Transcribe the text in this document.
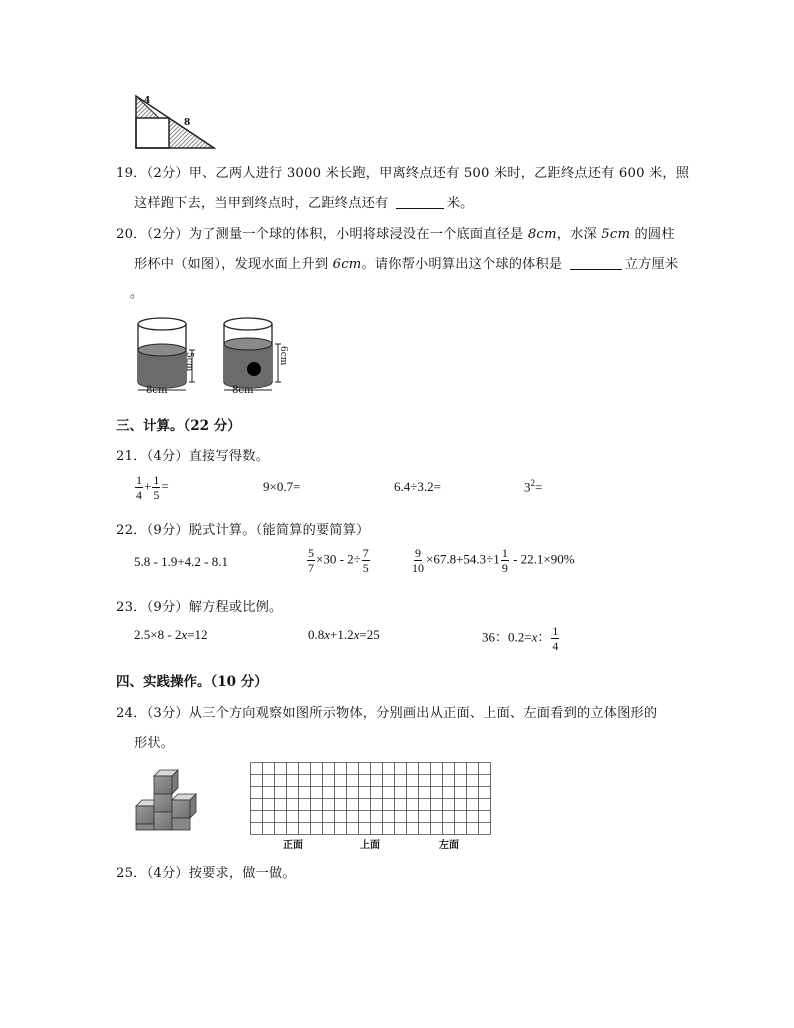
4
8
19．（2分）甲、乙两人进行 3000 米长跑，甲离终点还有 500 米时，乙距终点还有 600 米，照
这样跑下去，当甲到终点时，乙距终点还有	米。
20．（2分）为了测量一个球的体积，小明将球浸没在一个底面直径是 8cm，水深 5cm 的圆柱
形杯中（如图），发现水面上升到 6cm。请你帮小明算出这个球的体积是	立方厘米
。
5cm
8cm
6cm
8cm
三、计算。（22 分）
21．（4分）直接写得数。
$\frac{1}{4} + \frac{1}{5}$ =	9×0.7=	6.4÷3.2=	$3^2=$
22．（9分）脱式计算。（能简算的要简算）
5.8 - 1.9+4.2 - 8.1	$\frac{5}{7} \times 30 - 2\div \frac{7}{5}$	$\frac{9}{10} \times 67.8+54.3\div 1 \frac{1}{9} - 22.1\times 90\%$
23．（9分）解方程或比例。
2.5×8 - 2x=12	0.8x+1.2x=25	36：0.2=x： $\frac{1}{4}$
四、实践操作。（10 分）
24．（3分）从三个方向观察如图所示物体，分别画出从正面、上面、左面看到的立体图形的
形状。
正面	上面	左面
25．（4分）按要求，做一做。
